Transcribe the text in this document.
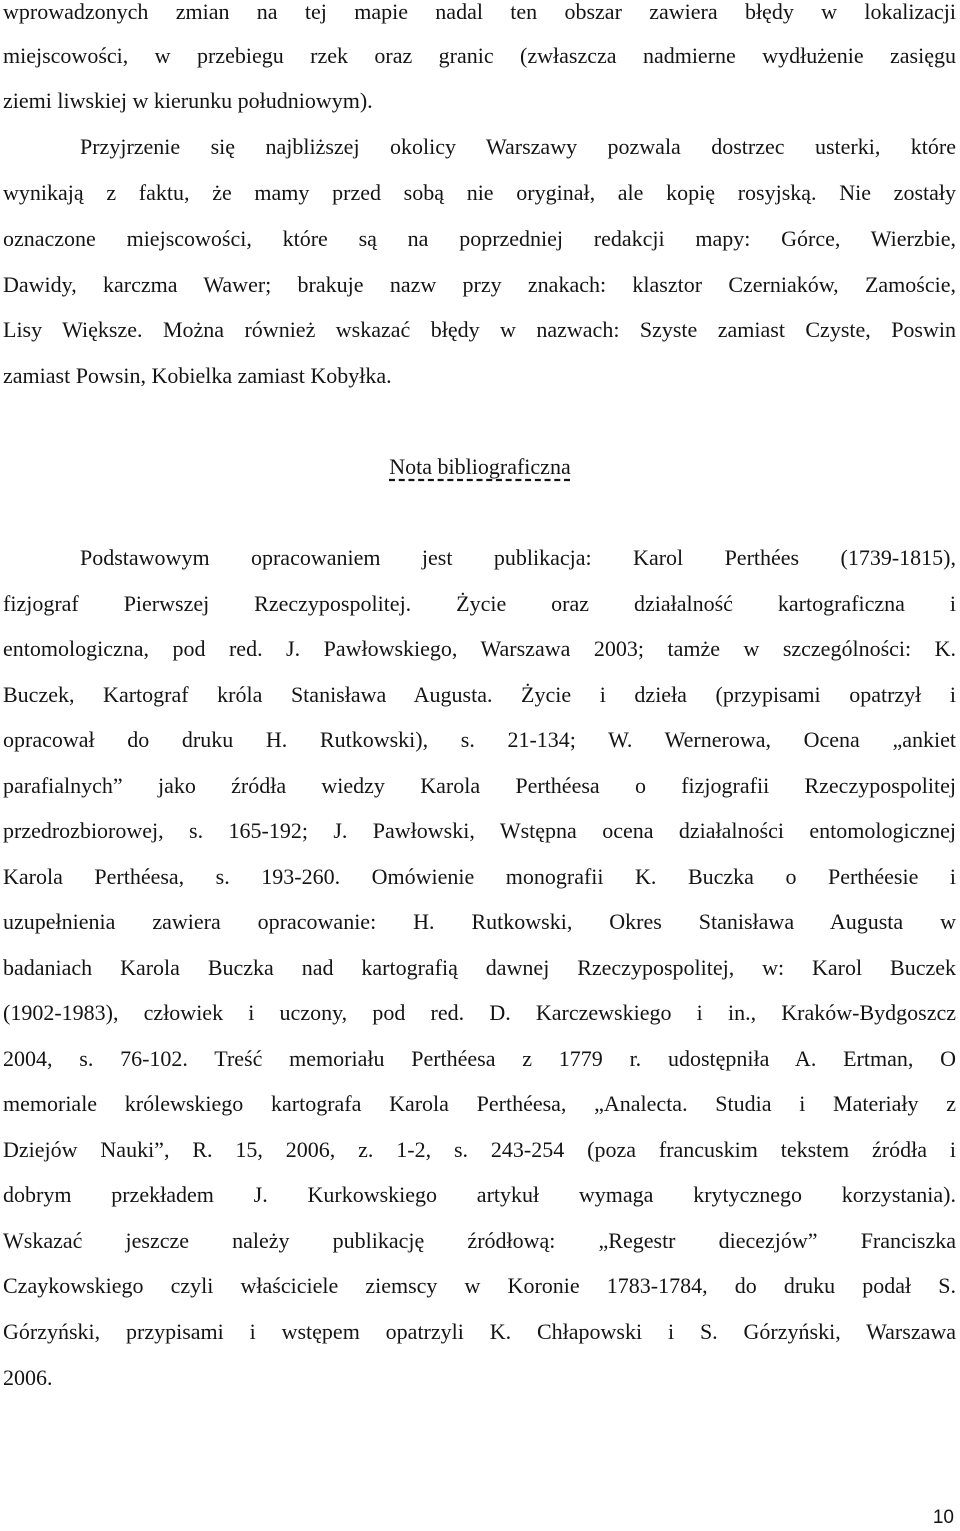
wprowadzonych zmian na tej mapie nadal ten obszar zawiera błędy w lokalizacji
miejscowości, w przebiegu rzek oraz granic (zwłaszcza nadmierne wydłużenie zasięgu
ziemi liwskiej w kierunku południowym).
Przyjrzenie się najbliższej okolicy Warszawy pozwala dostrzec usterki, które
wynikają z faktu, że mamy przed sobą nie oryginał, ale kopię rosyjską. Nie zostały
oznaczone miejscowości, które są na poprzedniej redakcji mapy: Górce, Wierzbie,
Dawidy, karczma Wawer; brakuje nazw przy znakach: klasztor Czerniaków, Zamoście,
Lisy Większe. Można również wskazać błędy w nazwach: Szyste zamiast Czyste, Poswin
zamiast Powsin, Kobielka zamiast Kobyłka.
Nota bibliograficzna
Podstawowym opracowaniem jest publikacja: Karol Perthées (1739-1815),
fizjograf Pierwszej Rzeczypospolitej. Życie oraz działalność kartograficzna i
entomologiczna, pod red. J. Pawłowskiego, Warszawa 2003; tamże w szczególności: K.
Buczek, Kartograf króla Stanisława Augusta. Życie i dzieła (przypisami opatrzył i
opracował do druku H. Rutkowski), s. 21-134; W. Wernerowa, Ocena „ankiet
parafialnych” jako źródła wiedzy Karola Perthéesa o fizjografii Rzeczypospolitej
przedrozbiorowej, s. 165-192; J. Pawłowski, Wstępna ocena działalności entomologicznej
Karola Perthéesa, s. 193-260. Omówienie monografii K. Buczka o Perthéesie i
uzupełnienia zawiera opracowanie: H. Rutkowski, Okres Stanisława Augusta w
badaniach Karola Buczka nad kartografią dawnej Rzeczypospolitej, w: Karol Buczek
(1902-1983), człowiek i uczony, pod red. D. Karczewskiego i in., Kraków-Bydgoszcz
2004, s. 76-102. Treść memoriału Perthéesa z 1779 r. udostępniła A. Ertman, O
memoriale królewskiego kartografa Karola Perthéesa, „Analecta. Studia i Materiały z
Dziejów Nauki”, R. 15, 2006, z. 1-2, s. 243-254 (poza francuskim tekstem źródła i
dobrym przekładem J. Kurkowskiego artykuł wymaga krytycznego korzystania).
Wskazać jeszcze należy publikację źródłową: „Regestr diecezjów” Franciszka
Czaykowskiego czyli właściciele ziemscy w Koronie 1783-1784, do druku podał S.
Górzyński, przypisami i wstępem opatrzyli K. Chłapowski i S. Górzyński, Warszawa
2006.
10
